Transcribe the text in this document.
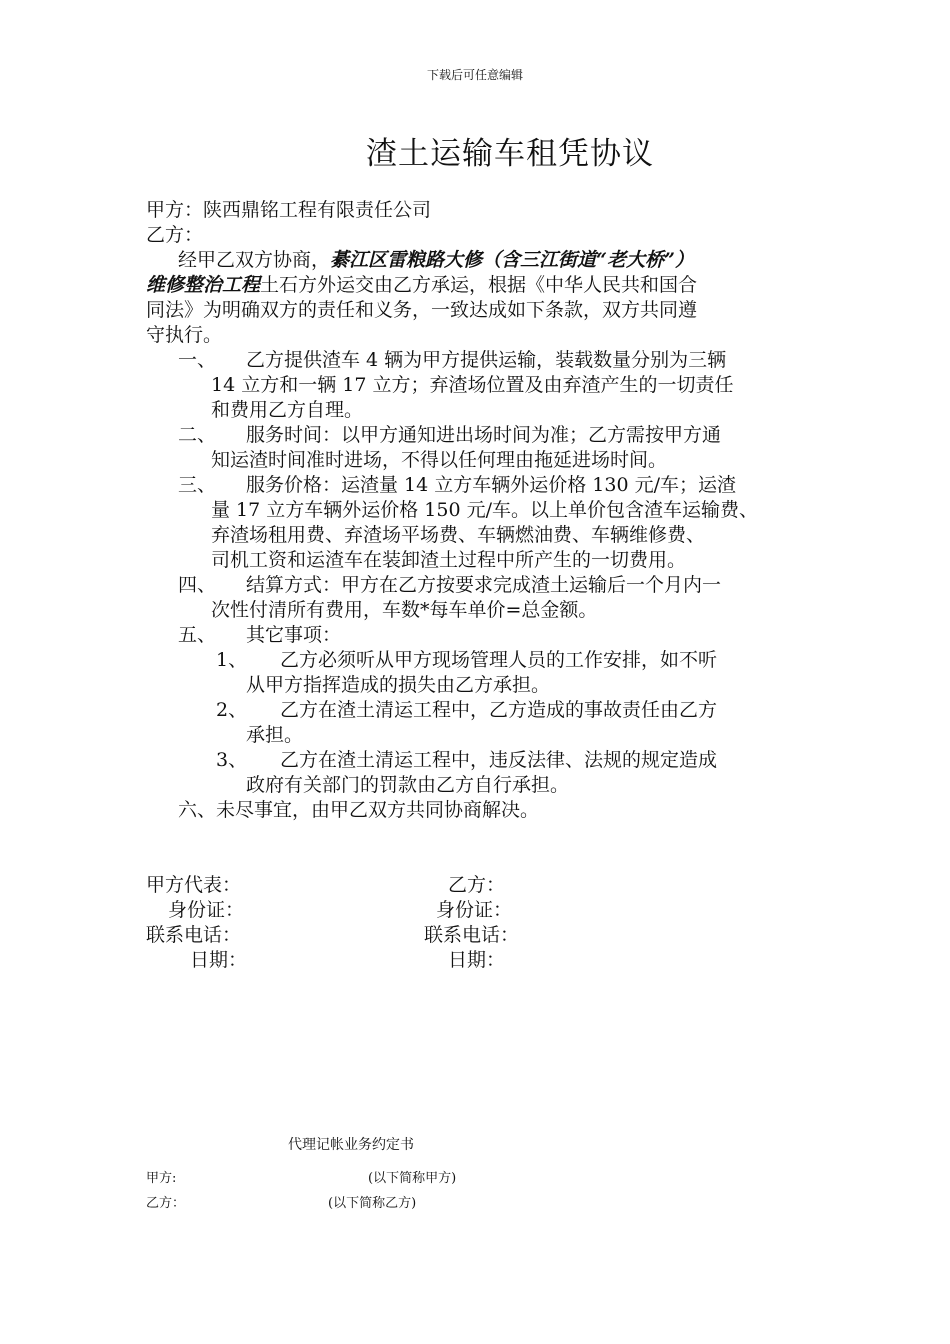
下载后可任意编辑
渣土运输车租凭协议
甲方：陕西鼎铭工程有限责任公司
乙方：
经甲乙双方协商，綦江区雷粮路大修（含三江街道“老大桥”）
维修整治工程土石方外运交由乙方承运，根据《中华人民共和国合
同法》为明确双方的责任和义务，一致达成如下条款，双方共同遵
守执行。
一、 乙方提供渣车 4 辆为甲方提供运输，装载数量分别为三辆
14 立方和一辆 17 立方；弃渣场位置及由弃渣产生的一切责任
和费用乙方自理。
二、 服务时间：以甲方通知进出场时间为准；乙方需按甲方通
知运渣时间准时进场，不得以任何理由拖延进场时间。
三、 服务价格：运渣量 14 立方车辆外运价格 130 元/车；运渣
量 17 立方车辆外运价格 150 元/车。以上单价包含渣车运输费、
弃渣场租用费、弃渣场平场费、车辆燃油费、车辆维修费、
司机工资和运渣车在装卸渣土过程中所产生的一切费用。
四、 结算方式：甲方在乙方按要求完成渣土运输后一个月内一
次性付清所有费用，车数*每车单价=总金额。
五、 其它事项：
1、 乙方必须听从甲方现场管理人员的工作安排，如不听
从甲方指挥造成的损失由乙方承担。
2、 乙方在渣土清运工程中，乙方造成的事故责任由乙方
承担。
3、 乙方在渣土清运工程中，违反法律、法规的规定造成
政府有关部门的罚款由乙方自行承担。
六、未尽事宜，由甲乙双方共同协商解决。
甲方代表：
身份证：
联系电话：
日期：
乙方：
身份证：
联系电话：
日期：
代理记帐业务约定书
甲方:	(以下简称甲方)
乙方：	(以下简称乙方)
